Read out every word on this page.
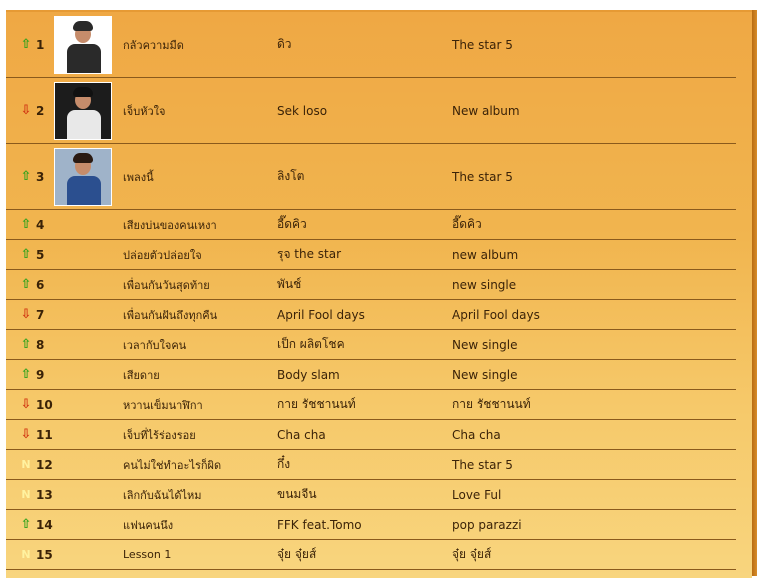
⇧ 1	กลัวความมืด	ดิว	The star 5
⇩ 2	เจ็บหัวใจ	Sek loso	New album
⇧ 3	เพลงนี้	ลิงโต	The star 5
⇧ 4	เสียงบ่นของคนเหงา	อี๊ดคิว	อี๊ดคิว
⇧ 5	ปล่อยตัวปล่อยใจ	รุจ the star	new album
⇧ 6	เพื่อนกันวันสุดท้าย	พันช์	new single
⇩ 7	เพื่อนกันฝันถึงทุกคืน	April Fool days	April Fool days
⇧ 8	เวลากับใจคน	เป็ก ผลิตโชค	New single
⇧ 9	เสียดาย	Body slam	New single
⇩ 10	หวานเข็มนาฬิกา	กาย รัชชานนท์	กาย รัชชานนท์
⇩ 11	เจ็บที่ไร้ร่องรอย	Cha cha	Cha cha
N 12	คนไม่ใช่ทำอะไรก็ผิด	กึ๋ง	The star 5
N 13	เลิกกับฉันได้ไหม	ขนมจีน	Love Ful
⇧ 14	แฟนคนนึง	FFK feat.Tomo	pop parazzi
N 15	Lesson 1	จุ๋ย จุ๋ยส์	จุ๋ย จุ๋ยส์
